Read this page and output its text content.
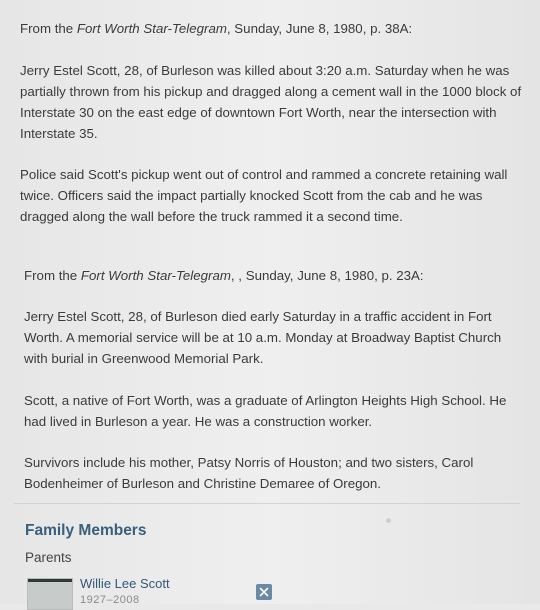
From the Fort Worth Star-Telegram, Sunday, June 8, 1980, p. 38A:

Jerry Estel Scott, 28, of Burleson was killed about 3:20 a.m. Saturday when he was partially thrown from his pickup and dragged along a cement wall in the 1000 block of Interstate 30 on the east edge of downtown Fort Worth, near the intersection with Interstate 35.

Police said Scott's pickup went out of control and rammed a concrete retaining wall twice. Officers said the impact partially knocked Scott from the cab and he was dragged along the wall before the truck rammed it a second time.

From the Fort Worth Star-Telegram, , Sunday, June 8, 1980, p. 23A:

Jerry Estel Scott, 28, of Burleson died early Saturday in a traffic accident in Fort Worth. A memorial service will be at 10 a.m. Monday at Broadway Baptist Church with burial in Greenwood Memorial Park.

Scott, a native of Fort Worth, was a graduate of Arlington Heights High School. He had lived in Burleson a year. He was a construction worker.

Survivors include his mother, Patsy Norris of Houston; and two sisters, Carol Bodenheimer of Burleson and Christine Demaree of Oregon.

Family Members

Parents

Willie Lee Scott

1927–2008
